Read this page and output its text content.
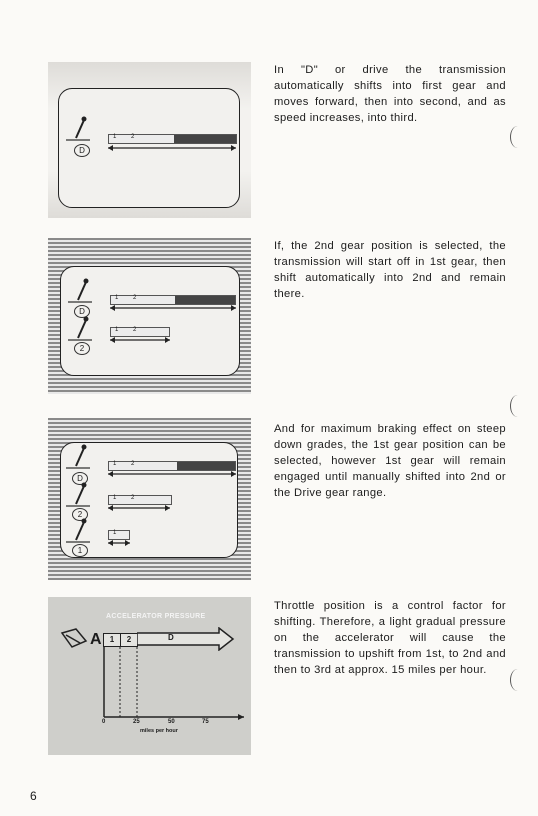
In "D" or drive the transmission automatically shifts into first gear and moves forward, then into second, and as speed increases, into third.

If, the 2nd gear position is selected, the transmission will start off in 1st gear, then shift automatically into 2nd and remain there.

And for maximum braking effect on steep down grades, the 1st gear position can be selected, however 1st gear will remain engaged until manually shifted into 2nd or the Drive gear range.

Throttle position is a control factor for shifting. Therefore, a light gradual pressure on the accelerator will cause the transmission to upshift from 1st, to 2nd and then to 3rd at approx. 15 miles per hour.

D
1 2
D
2
1 2
1 2
D
2
1
1 2
1 2
1
ACCELERATOR PRESSURE
A	1	2	D
0	25	50	75
miles per hour
6
